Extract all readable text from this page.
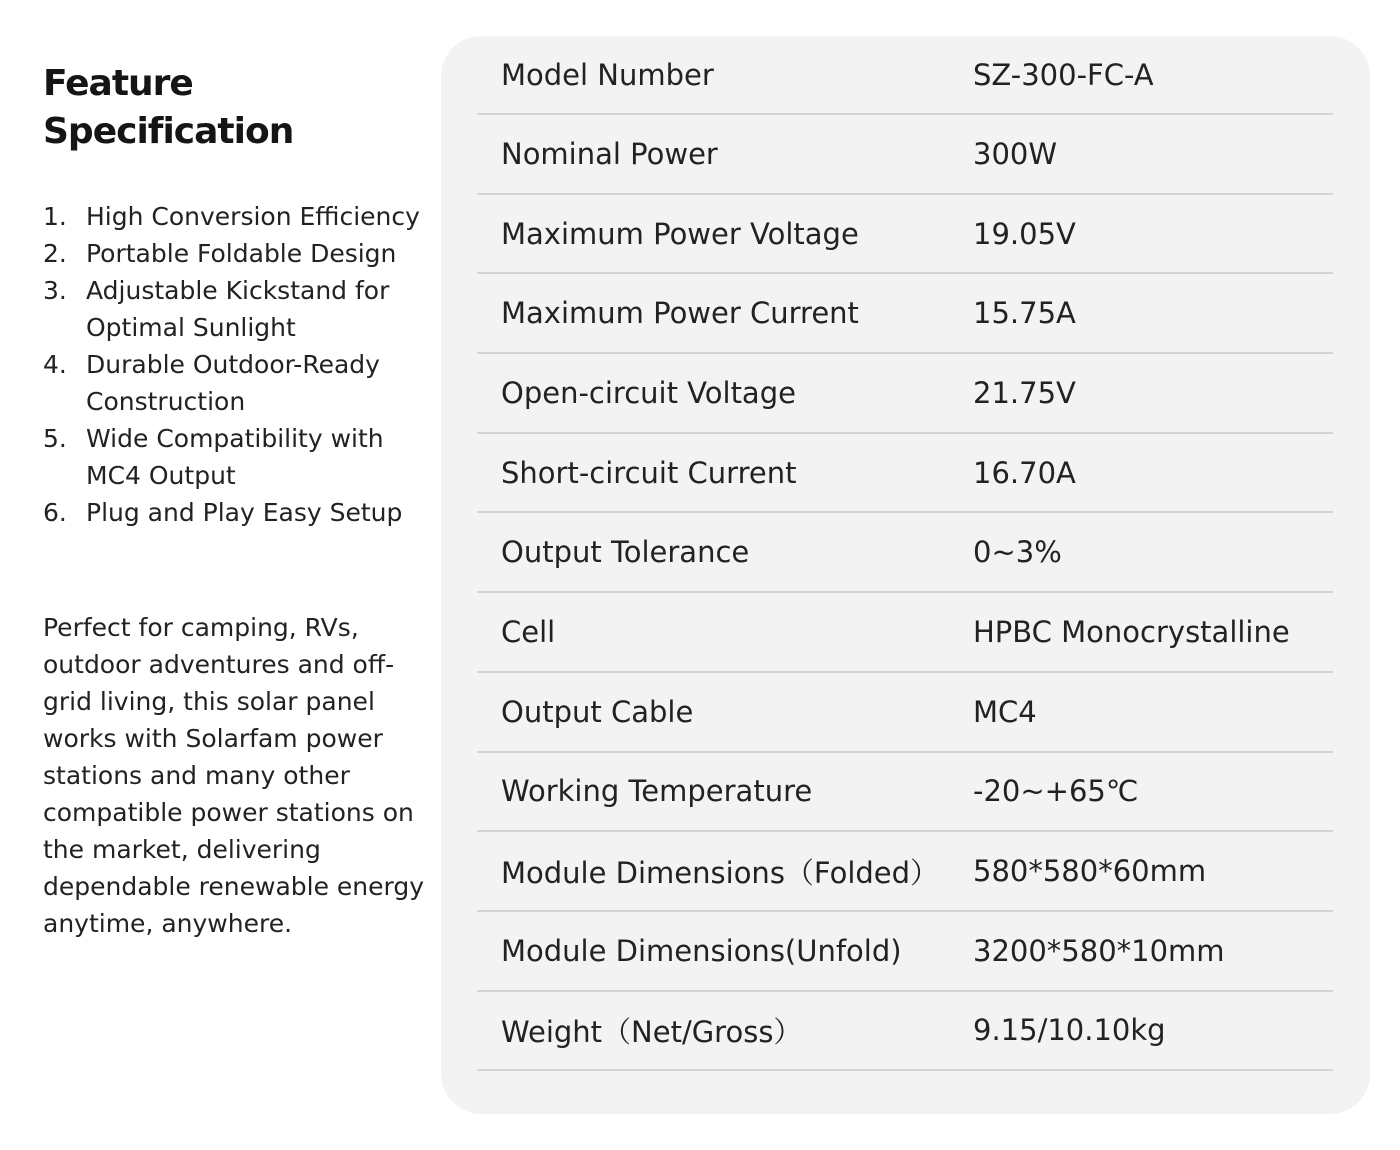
Feature Specification
1. High Conversion Efficiency
2. Portable Foldable Design
3. Adjustable Kickstand for Optimal Sunlight
4. Durable Outdoor-Ready Construction
5. Wide Compatibility with MC4 Output
6. Plug and Play Easy Setup

Perfect for camping, RVs, outdoor adventures and off-grid living, this solar panel works with Solarfam power stations and many other compatible power stations on the market, delivering dependable renewable energy anytime, anywhere.

Model Number	SZ-300-FC-A
Nominal Power	300W
Maximum Power Voltage	19.05V
Maximum Power Current	15.75A
Open-circuit Voltage	21.75V
Short-circuit Current	16.70A
Output Tolerance	0~3%
Cell	HPBC Monocrystalline
Output Cable	MC4
Working Temperature	-20~+65℃
Module Dimensions（Folded）	580*580*60mm
Module Dimensions(Unfold)	3200*580*10mm
Weight（Net/Gross）	9.15/10.10kg
